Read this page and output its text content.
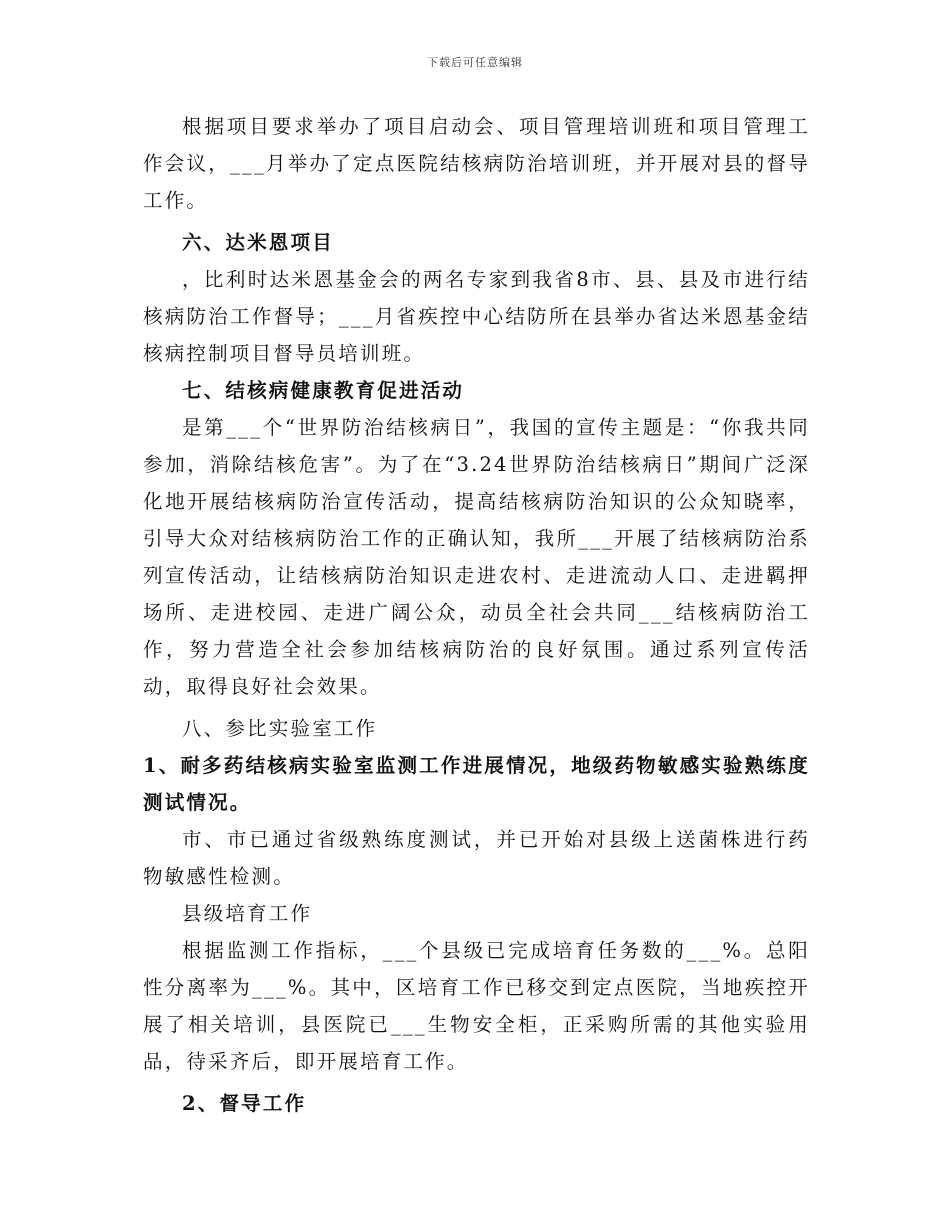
下载后可任意编辑

根据项目要求举办了项目启动会、项目管理培训班和项目管理工作会议，___月举办了定点医院结核病防治培训班，并开展对县的督导工作。

六、达米恩项目

，比利时达米恩基金会的两名专家到我省8市、县、县及市进行结核病防治工作督导；___月省疾控中心结防所在县举办省达米恩基金结核病控制项目督导员培训班。

七、结核病健康教育促进活动

是第___个“世界防治结核病日”，我国的宣传主题是：“你我共同参加，消除结核危害”。为了在“3.24世界防治结核病日”期间广泛深化地开展结核病防治宣传活动，提高结核病防治知识的公众知晓率，引导大众对结核病防治工作的正确认知，我所___开展了结核病防治系列宣传活动，让结核病防治知识走进农村、走进流动人口、走进羁押场所、走进校园、走进广阔公众，动员全社会共同___结核病防治工作，努力营造全社会参加结核病防治的良好氛围。通过系列宣传活动，取得良好社会效果。

八、参比实验室工作

1、耐多药结核病实验室监测工作进展情况，地级药物敏感实验熟练度测试情况。

市、市已通过省级熟练度测试，并已开始对县级上送菌株进行药物敏感性检测。

县级培育工作

根据监测工作指标，___个县级已完成培育任务数的___%。总阳性分离率为___%。其中，区培育工作已移交到定点医院，当地疾控开展了相关培训，县医院已___生物安全柜，正采购所需的其他实验用品，待采齐后，即开展培育工作。

2、督导工作
